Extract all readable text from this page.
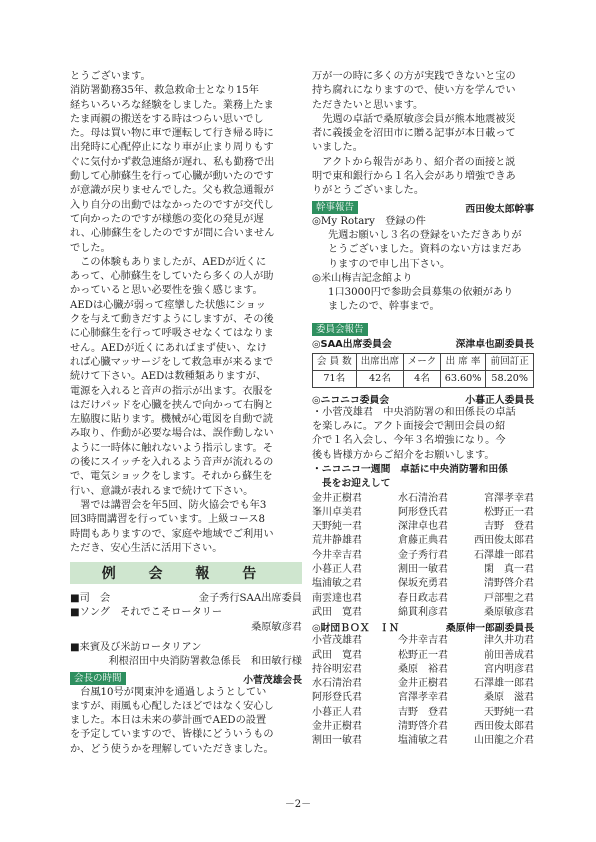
とうございます。
消防署勤務35年、救急救命士となり15年
経ちいろいろな経験をしました。業務上たま
たま両親の搬送をする時はつらい思いでし
た。母は買い物に車で運転して行き帰る時に
出発時に心配停止になり車が止まり周りもす
ぐに気付かず救急連絡が遅れ、私も勤務で出
動して心肺蘇生を行って心臓が動いたのです
が意識が戻りませんでした。父も救急通報が
入り自分の出動ではなかったのですが交代し
て向かったのですが様態の変化の発見が遅
れ、心肺蘇生をしたのですが間に合いません
でした。
この体験もありましたが、AEDが近くに
あって、心肺蘇生をしていたら多くの人が助
かっていると思い必要性を強く感じます。
AEDは心臓が弱って痙攣した状態にショッ
クを与えて動きだすようにしますが、その後
に心肺蘇生を行って呼吸させなくてはなりま
せん。AEDが近くにあればまず使い、なけ
れば心臓マッサージをして救急車が来るまで
続けて下さい。AEDは数種類ありますが、
電源を入れると音声の指示が出ます。衣服を
はだけパッドを心臓を挟んで向かって右胸と
左脇腹に貼ります。機械が心電図を自動で読
み取り、作動が必要な場合は、誤作動しない
ように一時体に触れないよう指示します。そ
の後にスイッチを入れるよう音声が流れるの
で、電気ショックをします。それから蘇生を
行い、意識が表れるまで続けて下さい。
署では講習会を年5回、防火協会でも年3
回3時間講習を行っています。上級コース8
時間もありますので、家庭や地域でご利用い
ただき、安心生活に活用下さい。
例 会 報 告
■司　会	金子秀行SAA出席委員
■ソング　それでこそロータリー
桑原敏彦君
■来賓及び米訪ロータリアン
利根沼田中央消防署救急係長　和田敏行様
会長の時間	小菅茂雄会長
台風10号が関東沖を通過しようとしてい
ますが、雨風も心配したほどではなく安心し
ました。本日は未来の夢計画でAEDの設置
を予定していますので、皆様にどういうもの
か、どう使うかを理解していただきました。
万が一の時に多くの方が実践できないと宝の
持ち腐れになりますので、使い方を学んでい
ただきたいと思います。
先週の卓話で桑原敏彦会員が熊本地震被災
者に義援金を沼田市に贈る記事が本日載って
いました。
アクトから報告があり、紹介者の面接と説
明で東和銀行から１名入会があり増強できあ
りがとうございました。
幹事報告	西田俊太郎幹事
◎My Rotary　登録の件
先週お願いし３名の登録をいただきありが
とうございました。資料のない方はまだあ
りますので申し出下さい。
◎米山梅吉記念館より
1口3000円で参助会員募集の依頼があり
ましたので、幹事まで。
委員会報告
◎SAA出席委員会	深津卓也副委員長
会 員 数	出席出席	メーク	出 席 率	前回訂正
71名	42名	4名	63.60%	58.20%
◎ニコニコ委員会	小暮正人委員長
・小菅茂雄君　中央消防署の和田係長の卓話
を楽しみに。アクト面接会で割田会員の紹
介で１名入会し、今年３名増強になり。今
後も皆様方からご紹介をお願いします。
・ニコニコ一週間　卓話に中央消防署和田係
長をお迎えして
金井正樹君	水石清治君	宮澤孝幸君
峯川卓美君	阿形登氏君	松野正一君
天野純一君	深津卓也君	吉野　登君
荒井静雄君	倉藤正典君	西田俊太郎君
今井幸吉君	金子秀行君	石澤雄一郎君
小暮正人君	割田一敏君	閑　真一君
塩浦敏之君	保坂充勇君	清野啓介君
南雲達也君	春日政志君	戸部聖之君
武田　寛君	綿貫利彦君	桑原敏彦君
◎財団ＢＯＸ　ＩＮ	桑原伸一郎副委員長
小菅茂雄君	今井幸吉君	津久井功君
武田　寛君	松野正一君	前田善成君
持谷明宏君	桑原　裕君	宮内明彦君
水石清治君	金井正樹君	石澤雄一郎君
阿形登氏君	宮澤孝幸君	桑原　滋君
小暮正人君	吉野　登君	天野純一君
金井正樹君	清野啓介君	西田俊太郎君
割田一敏君	塩浦敏之君	山田龍之介君
－2－
